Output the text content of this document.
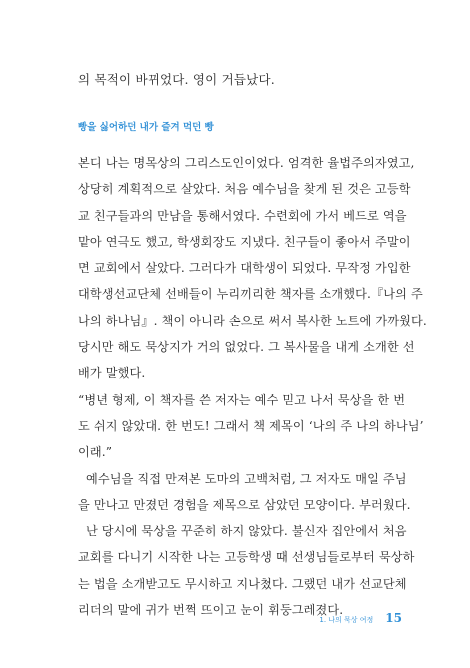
의 목적이 바뀌었다. 영이 거듭났다.
빵을 싫어하던 내가 즐겨 먹던 빵
본디 나는 명목상의 그리스도인이었다. 엄격한 율법주의자였고,
상당히 계획적으로 살았다. 처음 예수님을 찾게 된 것은 고등학
교 친구들과의 만남을 통해서였다. 수련회에 가서 베드로 역을
맡아 연극도 했고, 학생회장도 지냈다. 친구들이 좋아서 주말이
면 교회에서 살았다. 그러다가 대학생이 되었다. 무작정 가입한
대학생선교단체 선배들이 누리끼리한 책자를 소개했다.『나의 주
나의 하나님』. 책이 아니라 손으로 써서 복사한 노트에 가까웠다.
당시만 해도 묵상지가 거의 없었다. 그 복사물을 내게 소개한 선
배가 말했다.
“병년 형제, 이 책자를 쓴 저자는 예수 믿고 나서 묵상을 한 번
도 쉬지 않았대. 한 번도! 그래서 책 제목이 ‘나의 주 나의 하나님’
이래.”
예수님을 직접 만져본 도마의 고백처럼, 그 저자도 매일 주님
을 만나고 만졌던 경험을 제목으로 삼았던 모양이다. 부러웠다.
난 당시에 묵상을 꾸준히 하지 않았다. 불신자 집안에서 처음
교회를 다니기 시작한 나는 고등학생 때 선생님들로부터 묵상하
는 법을 소개받고도 무시하고 지나쳤다. 그랬던 내가 선교단체
리더의 말에 귀가 번쩍 뜨이고 눈이 휘둥그레졌다.
1. 나의 묵상 여정 15
